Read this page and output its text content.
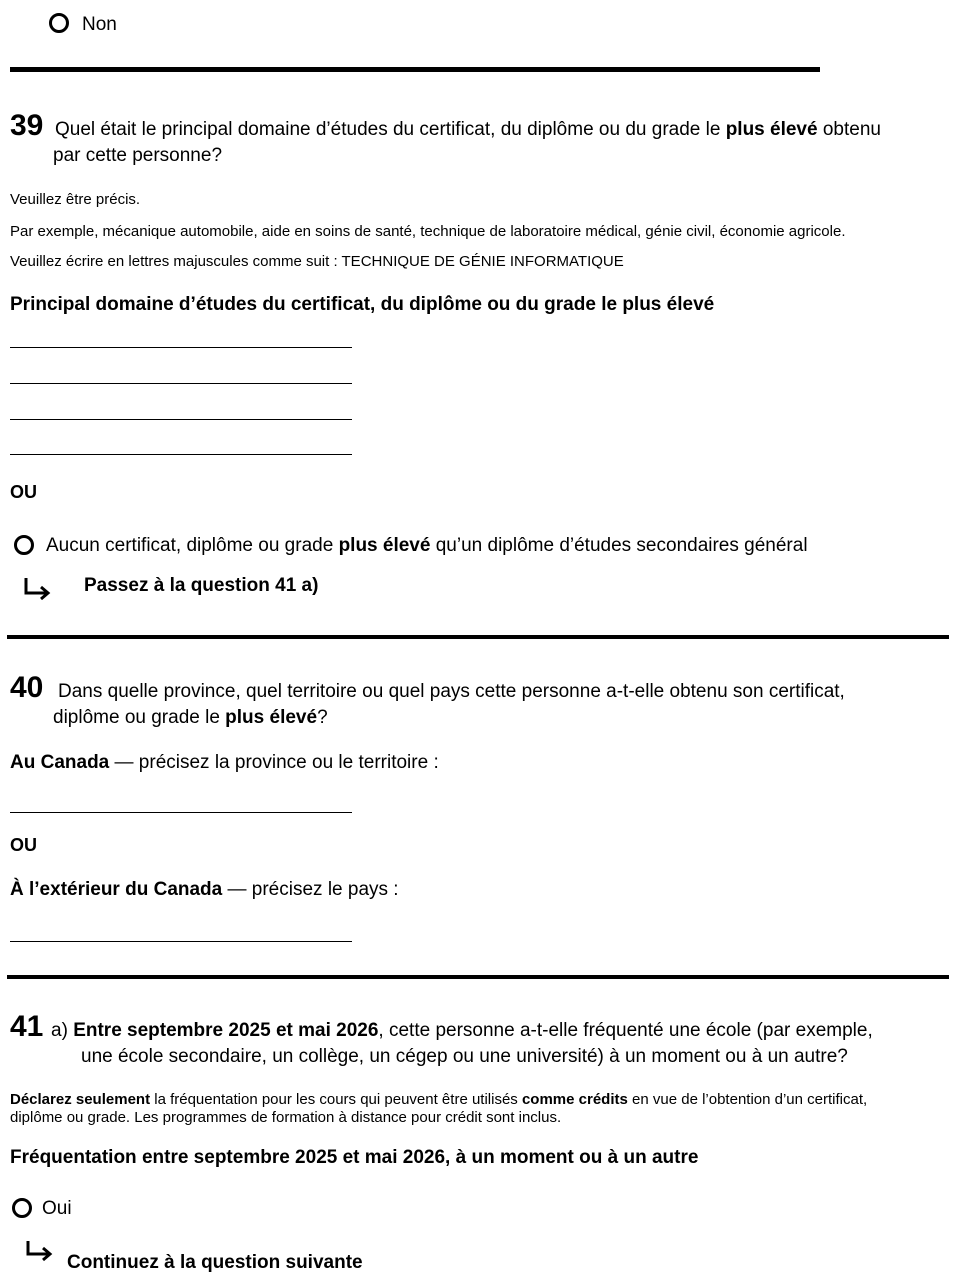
Non
39 Quel était le principal domaine d’études du certificat, du diplôme ou du grade le plus élevé obtenu
par cette personne?
Veuillez être précis.
Par exemple, mécanique automobile, aide en soins de santé, technique de laboratoire médical, génie civil, économie agricole.
Veuillez écrire en lettres majuscules comme suit : TECHNIQUE DE GÉNIE INFORMATIQUE
Principal domaine d’études du certificat, du diplôme ou du grade le plus élevé
OU
Aucun certificat, diplôme ou grade plus élevé qu’un diplôme d’études secondaires général
Passez à la question 41 a)
40 Dans quelle province, quel territoire ou quel pays cette personne a-t-elle obtenu son certificat,
diplôme ou grade le plus élevé?
Au Canada — précisez la province ou le territoire :
OU
À l’extérieur du Canada — précisez le pays :
41 a) Entre septembre 2025 et mai 2026, cette personne a-t-elle fréquenté une école (par exemple,
une école secondaire, un collège, un cégep ou une université) à un moment ou à un autre?
Déclarez seulement la fréquentation pour les cours qui peuvent être utilisés comme crédits en vue de l’obtention d’un certificat,
diplôme ou grade. Les programmes de formation à distance pour crédit sont inclus.
Fréquentation entre septembre 2025 et mai 2026, à un moment ou à un autre
Oui
Continuez à la question suivante
